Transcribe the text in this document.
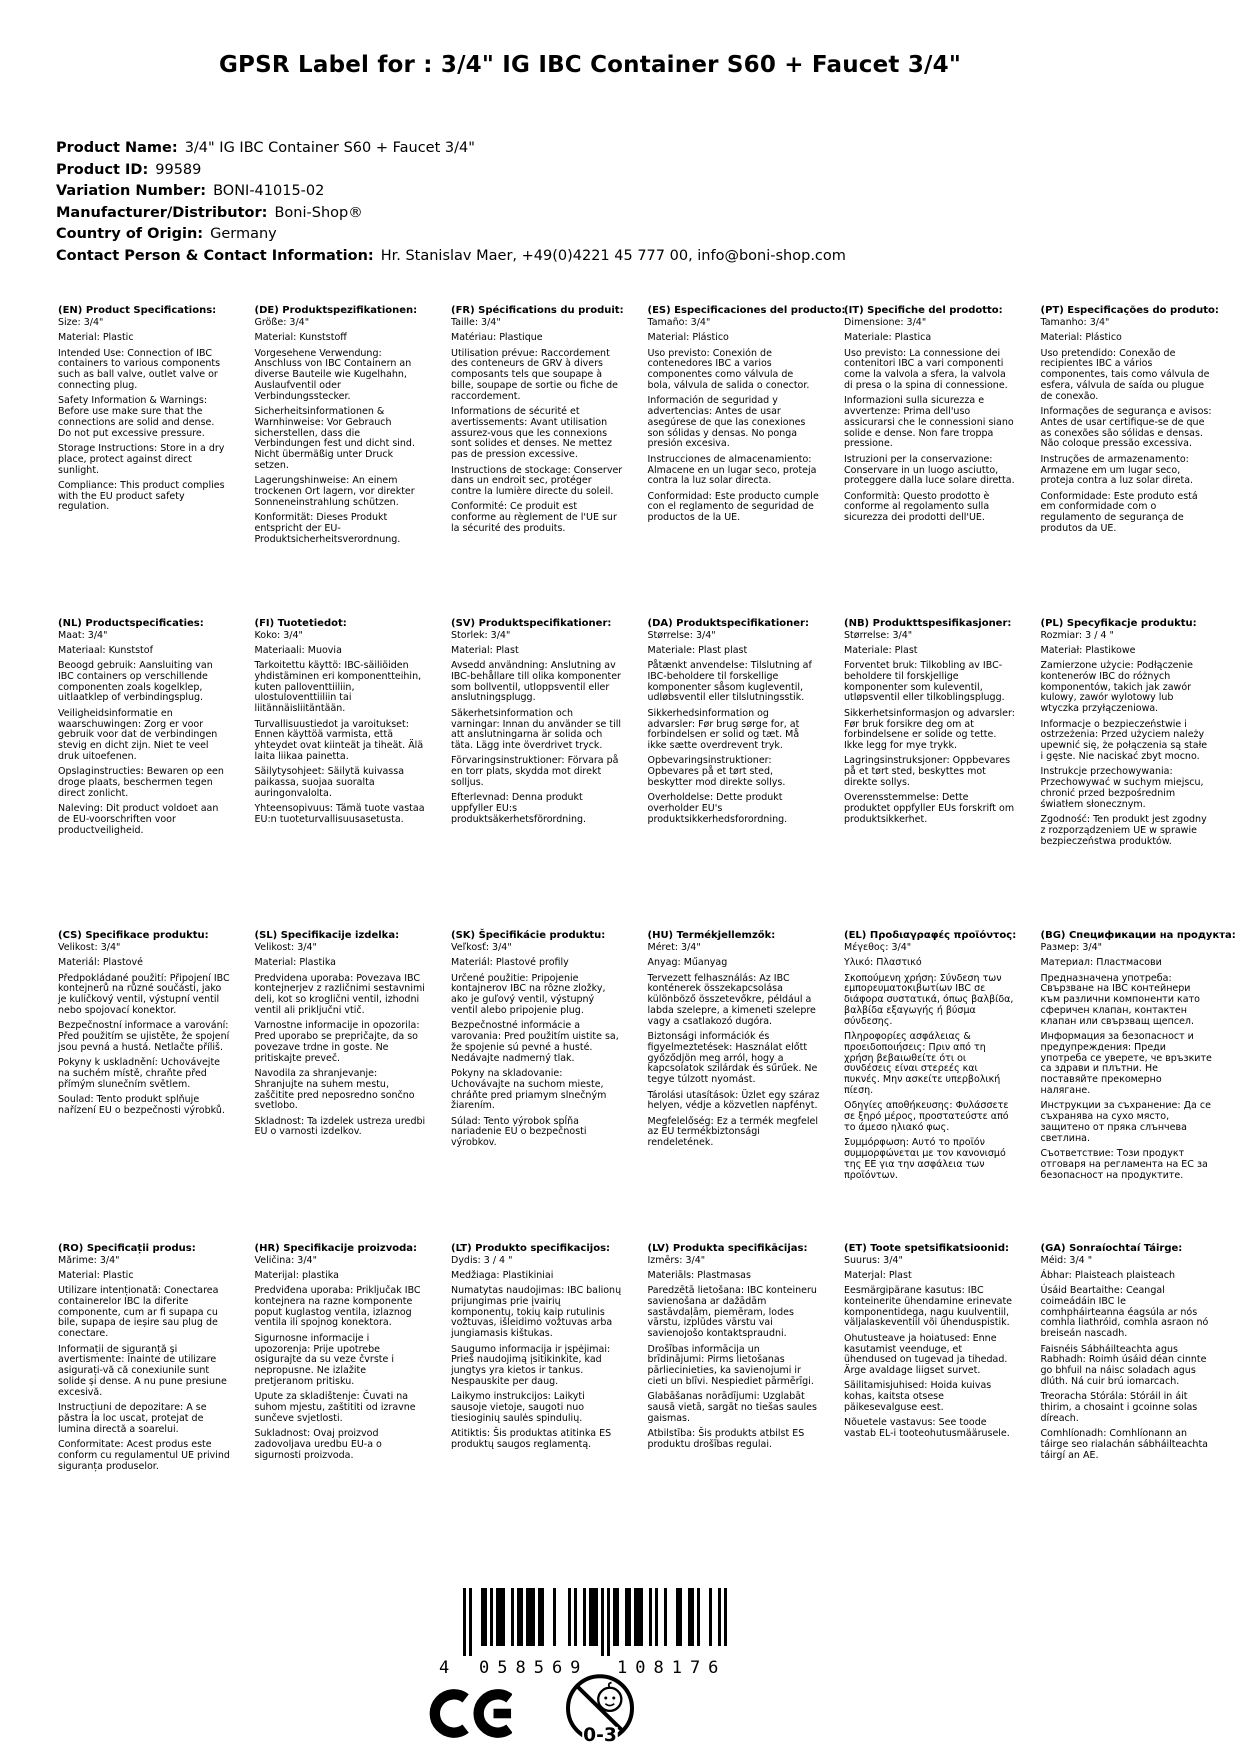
GPSR Label for : 3/4" IG IBC Container S60 + Faucet 3/4"
Product Name: 3/4" IG IBC Container S60 + Faucet 3/4"
Product ID: 99589
Variation Number: BONI-41015-02
Manufacturer/Distributor: Boni-Shop®
Country of Origin: Germany
Contact Person & Contact Information: Hr. Stanislav Maer, +49(0)4221 45 777 00, info@boni-shop.com
(EN) Product Specifications:

Size: 3/4"

Material: Plastic

Intended Use: Connection of IBC containers to various components such as ball valve, outlet valve or connecting plug.

Safety Information & Warnings: Before use make sure that the connections are solid and dense. Do not put excessive pressure.

Storage Instructions: Store in a dry place, protect against direct sunlight.

Compliance: This product complies with the EU product safety regulation.

(DE) Produktspezifikationen:

Größe: 3/4"

Material: Kunststoff

Vorgesehene Verwendung: Anschluss von IBC Containern an diverse Bauteile wie Kugelhahn, Auslaufventil oder Verbindungsstecker.

Sicherheitsinformationen & Warnhinweise: Vor Gebrauch sicherstellen, dass die Verbindungen fest und dicht sind. Nicht übermäßig unter Druck setzen.

Lagerungshinweise: An einem trockenen Ort lagern, vor direkter Sonneneinstrahlung schützen.

Konformität: Dieses Produkt entspricht der EU-Produktsicherheitsverordnung.

(FR) Spécifications du produit:

Taille: 3/4"

Matériau: Plastique

Utilisation prévue: Raccordement des conteneurs de GRV à divers composants tels que soupape à bille, soupape de sortie ou fiche de raccordement.

Informations de sécurité et avertissements: Avant utilisation assurez-vous que les connexions sont solides et denses. Ne mettez pas de pression excessive.

Instructions de stockage: Conserver dans un endroit sec, protéger contre la lumière directe du soleil.

Conformité: Ce produit est conforme au règlement de l'UE sur la sécurité des produits.

(ES) Especificaciones del producto:

Tamaño: 3/4"

Material: Plástico

Uso previsto: Conexión de contenedores IBC a varios componentes como válvula de bola, válvula de salida o conector.

Información de seguridad y advertencias: Antes de usar asegúrese de que las conexiones son sólidas y densas. No ponga presión excesiva.

Instrucciones de almacenamiento: Almacene en un lugar seco, proteja contra la luz solar directa.

Conformidad: Este producto cumple con el reglamento de seguridad de productos de la UE.

(IT) Specifiche del prodotto:

Dimensione: 3/4"

Materiale: Plastica

Uso previsto: La connessione dei contenitori IBC a vari componenti come la valvola a sfera, la valvola di presa o la spina di connessione.

Informazioni sulla sicurezza e avvertenze: Prima dell'uso assicurarsi che le connessioni siano solide e dense. Non fare troppa pressione.

Istruzioni per la conservazione: Conservare in un luogo asciutto, proteggere dalla luce solare diretta.

Conformità: Questo prodotto è conforme al regolamento sulla sicurezza dei prodotti dell'UE.

(PT) Especificações do produto:

Tamanho: 3/4"

Material: Plástico

Uso pretendido: Conexão de recipientes IBC a vários componentes, tais como válvula de esfera, válvula de saída ou plugue de conexão.

Informações de segurança e avisos: Antes de usar certifique-se de que as conexões são sólidas e densas. Não coloque pressão excessiva.

Instruções de armazenamento: Armazene em um lugar seco, proteja contra a luz solar direta.

Conformidade: Este produto está em conformidade com o regulamento de segurança de produtos da UE.

(NL) Productspecificaties:

Maat: 3/4"

Materiaal: Kunststof

Beoogd gebruik: Aansluiting van IBC containers op verschillende componenten zoals kogelklep, uitlaatklep of verbindingsplug.

Veiligheidsinformatie en waarschuwingen: Zorg er voor gebruik voor dat de verbindingen stevig en dicht zijn. Niet te veel druk uitoefenen.

Opslaginstructies: Bewaren op een droge plaats, beschermen tegen direct zonlicht.

Naleving: Dit product voldoet aan de EU-voorschriften voor productveiligheid.

(FI) Tuotetiedot:

Koko: 3/4"

Materiaali: Muovia

Tarkoitettu käyttö: IBC-säiliöiden yhdistäminen eri komponentteihin, kuten palloventtiiliin, ulostuloventtiiliin tai liitännäisliitäntään.

Turvallisuustiedot ja varoitukset: Ennen käyttöä varmista, että yhteydet ovat kiinteät ja tiheät. Älä laita liikaa painetta.

Säilytysohjeet: Säilytä kuivassa paikassa, suojaa suoralta auringonvalolta.

Yhteensopivuus: Tämä tuote vastaa EU:n tuoteturvallisuusasetusta.

(SV) Produktspecifikationer:

Storlek: 3/4"

Material: Plast

Avsedd användning: Anslutning av IBC-behållare till olika komponenter som bollventil, utloppsventil eller anslutningsplugg.

Säkerhetsinformation och varningar: Innan du använder se till att anslutningarna är solida och täta. Lägg inte överdrivet tryck.

Förvaringsinstruktioner: Förvara på en torr plats, skydda mot direkt solljus.

Efterlevnad: Denna produkt uppfyller EU:s produktsäkerhetsförordning.

(DA) Produktspecifikationer:

Størrelse: 3/4"

Materiale: Plast plast

Påtænkt anvendelse: Tilslutning af IBC-beholdere til forskellige komponenter såsom kugleventil, udløbsventil eller tilslutningsstik.

Sikkerhedsinformation og advarsler: Før brug sørge for, at forbindelsen er solid og tæt. Må ikke sætte overdrevent tryk.

Opbevaringsinstruktioner: Opbevares på et tørt sted, beskytter mod direkte sollys.

Overholdelse: Dette produkt overholder EU's produktsikkerhedsforordning.

(NB) Produkttspesifikasjoner:

Størrelse: 3/4"

Materiale: Plast

Forventet bruk: Tilkobling av IBC-beholdere til forskjellige komponenter som kuleventil, utløpsventil eller tilkoblingsplugg.

Sikkerhetsinformasjon og advarsler: Før bruk forsikre deg om at forbindelsene er solide og tette. Ikke legg for mye trykk.

Lagringsinstruksjoner: Oppbevares på et tørt sted, beskyttes mot direkte sollys.

Overensstemmelse: Dette produktet oppfyller EUs forskrift om produktsikkerhet.

(PL) Specyfikacje produktu:

Rozmiar: 3 / 4 "

Materiał: Plastikowe

Zamierzone użycie: Podłączenie kontenerów IBC do różnych komponentów, takich jak zawór kulowy, zawór wylotowy lub wtyczka przyłączeniowa.

Informacje o bezpieczeństwie i ostrzeżenia: Przed użyciem należy upewnić się, że połączenia są stałe i gęste. Nie naciskać zbyt mocno.

Instrukcje przechowywania: Przechowywać w suchym miejscu, chronić przed bezpośrednim światłem słonecznym.

Zgodność: Ten produkt jest zgodny z rozporządzeniem UE w sprawie bezpieczeństwa produktów.

(CS) Specifikace produktu:

Velikost: 3/4"

Materiál: Plastové

Předpokládané použití: Připojení IBC kontejnerů na různé součásti, jako je kuličkový ventil, výstupní ventil nebo spojovací konektor.

Bezpečnostní informace a varování: Před použitím se ujistěte, že spojení jsou pevná a hustá. Netlačte příliš.

Pokyny k uskladnění: Uchovávejte na suchém místě, chraňte před přímým slunečním světlem.

Soulad: Tento produkt splňuje nařízení EU o bezpečnosti výrobků.

(SL) Specifikacije izdelka:

Velikost: 3/4"

Material: Plastika

Predvidena uporaba: Povezava IBC kontejnerjev z različnimi sestavnimi deli, kot so kroglični ventil, izhodni ventil ali priključni vtič.

Varnostne informacije in opozorila: Pred uporabo se prepričajte, da so povezave trdne in goste. Ne pritiskajte preveč.

Navodila za shranjevanje: Shranjujte na suhem mestu, zaščitite pred neposredno sončno svetlobo.

Skladnost: Ta izdelek ustreza uredbi EU o varnosti izdelkov.

(SK) Špecifikácie produktu:

Veľkosť: 3/4"

Materiál: Plastové profily

Určené použitie: Pripojenie kontajnerov IBC na rôzne zložky, ako je guľový ventil, výstupný ventil alebo pripojenie plug.

Bezpečnostné informácie a varovania: Pred použitím uistite sa, že spojenie sú pevné a husté. Nedávajte nadmerný tlak.

Pokyny na skladovanie: Uchovávajte na suchom mieste, chráňte pred priamym slnečným žiarením.

Súlad: Tento výrobok spĺňa nariadenie EÚ o bezpečnosti výrobkov.

(HU) Termékjellemzők:

Méret: 3/4"

Anyag: Műanyag

Tervezett felhasználás: Az IBC konténerek összekapcsolása különböző összetevőkre, például a labda szelepre, a kimeneti szelepre vagy a csatlakozó dugóra.

Biztonsági információk és figyelmeztetések: Használat előtt győződjön meg arról, hogy a kapcsolatok szilárdak és sűrűek. Ne tegye túlzott nyomást.

Tárolási utasítások: Üzlet egy száraz helyen, védje a közvetlen napfényt.

Megfelelőség: Ez a termék megfelel az EU termékbiztonsági rendeletének.

(EL) Προδιαγραφές προϊόντος:

Μέγεθος: 3/4"

Υλικό: Πλαστικό

Σκοπούμενη χρήση: Σύνδεση των εμπορευματοκιβωτίων IBC σε διάφορα συστατικά, όπως βαλβίδα, βαλβίδα εξαγωγής ή βύσμα σύνδεσης.

Πληροφορίες ασφάλειας & προειδοποιήσεις: Πριν από τη χρήση βεβαιωθείτε ότι οι συνδέσεις είναι στερεές και πυκνές. Μην ασκείτε υπερβολική πίεση.

Οδηγίες αποθήκευσης: Φυλάσσετε σε ξηρό μέρος, προστατεύστε από το άμεσο ηλιακό φως.

Συμμόρφωση: Αυτό το προϊόν συμμορφώνεται με τον κανονισμό της ΕΕ για την ασφάλεια των προϊόντων.

(BG) Спецификации на продукта:

Размер: 3/4"

Материал: Пластмасови

Предназначена употреба: Свързване на IBC контейнери към различни компоненти като сферичен клапан, контактен клапан или свързващ щепсел.

Информация за безопасност и предупреждения: Преди употреба се уверете, че връзките са здрави и плътни. Не поставяйте прекомерно налягане.

Инструкции за съхранение: Да се съхранява на сухо място, защитено от пряка слънчева светлина.

Съответствие: Този продукт отговаря на регламента на ЕС за безопасност на продуктите.

(RO) Specificații produs:

Mărime: 3/4"

Material: Plastic

Utilizare intenționată: Conectarea containerelor IBC la diferite componente, cum ar fi supapa cu bile, supapa de ieșire sau plug de conectare.

Informații de siguranță și avertismente: Înainte de utilizare asigurați-vă că conexiunile sunt solide și dense. A nu pune presiune excesivă.

Instrucțiuni de depozitare: A se păstra la loc uscat, protejat de lumina directă a soarelui.

Conformitate: Acest produs este conform cu regulamentul UE privind siguranța produselor.

(HR) Specifikacije proizvoda:

Veličina: 3/4"

Materijal: plastika

Predviđena uporaba: Priključak IBC kontejnera na razne komponente poput kuglastog ventila, izlaznog ventila ili spojnog konektora.

Sigurnosne informacije i upozorenja: Prije upotrebe osigurajte da su veze čvrste i nepropusne. Ne izlažite pretjeranom pritisku.

Upute za skladištenje: Čuvati na suhom mjestu, zaštititi od izravne sunčeve svjetlosti.

Sukladnost: Ovaj proizvod zadovoljava uredbu EU-a o sigurnosti proizvoda.

(LT) Produkto specifikacijos:

Dydis: 3 / 4 "

Medžiaga: Plastikiniai

Numatytas naudojimas: IBC balionų prijungimas prie įvairių komponentų, tokių kaip rutulinis vožtuvas, išleidimo vožtuvas arba jungiamasis kištukas.

Saugumo informacija ir įspėjimai: Prieš naudojimą įsitikinkite, kad jungtys yra kietos ir tankus. Nespauskite per daug.

Laikymo instrukcijos: Laikyti sausoje vietoje, saugoti nuo tiesioginių saulės spindulių.

Atitiktis: Šis produktas atitinka ES produktų saugos reglamentą.

(LV) Produkta specifikācijas:

Izmērs: 3/4"

Materiāls: Plastmasas

Paredzētā lietošana: IBC konteineru savienošana ar dažādām sastāvdaļām, piemēram, lodes vārstu, izplūdes vārstu vai savienojošo kontaktspraudni.

Drošības informācija un brīdinājumi: Pirms lietošanas pārliecinieties, ka savienojumi ir cieti un blīvi. Nespiediet pārmērīgi.

Glabāšanas norādījumi: Uzglabāt sausā vietā, sargāt no tiešas saules gaismas.

Atbilstība: Šis produkts atbilst ES produktu drošības regulai.

(ET) Toote spetsifikatsioonid:

Suurus: 3/4"

Materjal: Plast

Eesmärgipärane kasutus: IBC konteinerite ühendamine erinevate komponentidega, nagu kuulventiil, väljalaskeventiil või ühenduspistik.

Ohutusteave ja hoiatused: Enne kasutamist veenduge, et ühendused on tugevad ja tihedad. Ärge avaldage liigset survet.

Säilitamisjuhised: Hoida kuivas kohas, kaitsta otsese päikesevalguse eest.

Nõuetele vastavus: See toode vastab EL-i tooteohutusmäärusele.

(GA) Sonraíochtaí Táirge:

Méid: 3/4 "

Ábhar: Plaisteach plaisteach

Úsáid Beartaithe: Ceangal coimeádáin IBC le comhpháirteanna éagsúla ar nós comhla liathróid, comhla asraon nó breiseán nascadh.

Faisnéis Sábháilteachta agus Rabhadh: Roimh úsáid déan cinnte go bhfuil na náisc soladach agus dlúth. Ná cuir brú iomarcach.

Treoracha Stórála: Stóráil in áit thirim, a chosaint i gcoinne solas díreach.

Comhlíonadh: Comhlíonann an táirge seo rialachán sábháilteachta táirgí an AE.

4 058569 108176
0-3
